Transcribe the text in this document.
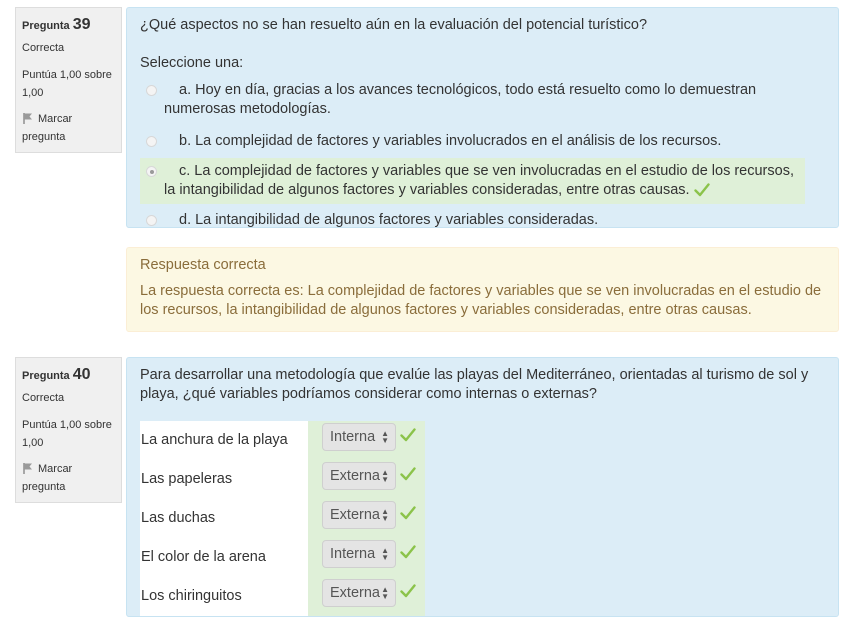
Pregunta 39
Correcta
Puntúa 1,00 sobre 1,00
Marcar pregunta
¿Qué aspectos no se han resuelto aún en la evaluación del potencial turístico?
Seleccione una:
a. Hoy en día, gracias a los avances tecnológicos, todo está resuelto como lo demuestran numerosas metodologías.
b. La complejidad de factores y variables involucrados en el análisis de los recursos.
c. La complejidad de factores y variables que se ven involucradas en el estudio de los recursos, la intangibilidad de algunos factores y variables consideradas, entre otras causas.
d. La intangibilidad de algunos factores y variables consideradas.
Respuesta correcta
La respuesta correcta es: La complejidad de factores y variables que se ven involucradas en el estudio de los recursos, la intangibilidad de algunos factores y variables consideradas, entre otras causas.
Pregunta 40
Correcta
Puntúa 1,00 sobre 1,00
Marcar pregunta
Para desarrollar una metodología que evalúe las playas del Mediterráneo, orientadas al turismo de sol y playa, ¿qué variables podríamos considerar como internas o externas?
La anchura de la playa	Interna ▲
▼
Las papeleras	Externa ▲
▼
Las duchas	Externa ▲
▼
El color de la arena	Interna ▲
▼
Los chiringuitos	Externa ▲
▼
